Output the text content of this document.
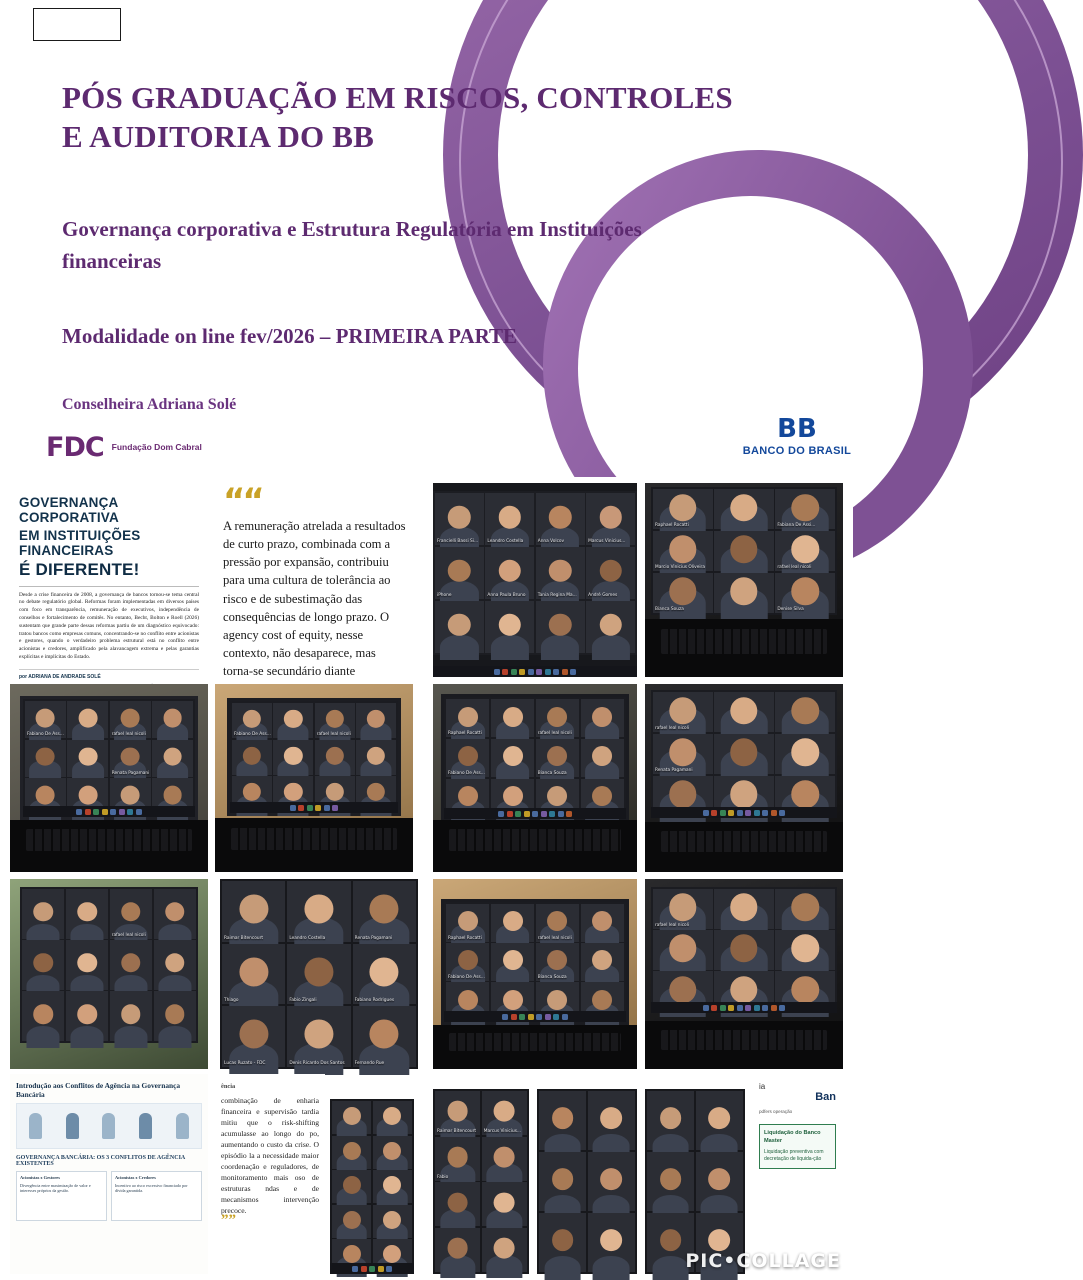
PÓS GRADUAÇÃO EM RISCOS, CONTROLES E AUDITORIA DO BB
Governança corporativa e Estrutura Regulatória em Instituições financeiras
Modalidade on line fev/2026 – PRIMEIRA PARTE
Conselheira Adriana Solé
FDC Fundação Dom Cabral
BB
BANCO DO BRASIL
GOVERNANÇA CORPORATIVA
EM INSTITUIÇÕES FINANCEIRAS
É DIFERENTE!

Desde a crise financeira de 2008, a governança de bancos tornou-se tema central no debate regulatório global. Reformas foram implementadas em diversos países com foco em transparência, remuneração de executivos, independência de conselhos e fortalecimento de comitês. No entanto, Becht, Bolton e Roell (2026) sustentam que grande parte dessas reformas partiu de um diagnóstico equivocado: tratou bancos como empresas comuns, concentrando-se no conflito entre acionistas e gestores, quando o verdadeiro problema estrutural está no conflito entre acionistas e credores, amplificado pela alavancagem extrema e pelas garantias explícitas e implícitas do Estado.

por ADRIANA DE ANDRADE SOLÉ
““
A remuneração atrelada a resultados de curto prazo, combinada com a pressão por expansão, contribuiu para uma cultura de tolerância ao risco e de subestimação das consequências de longo prazo. O agency cost of equity, nesse contexto, não desaparece, mas torna-se secundário diante
Francielli Bassi Si... Leandro Costella	Anna Volcov	Marcus Vinicius...
iPhone	Anna Paula Bruno	Tania Regina Ma...	André Gomes
Raphael Rocatti	Fabiana De Assi...
Marcio Vinicius Oliveira	rafael leal nicoli
Bianca Souza	Denise Silva
Fabiano De Ass...	rafael leal nicoli
Renata Pagamani
Fabiano De Ass...	rafael leal nicoli	Raphael Rocatti	rafael leal nicoli
Fabiano De Ass...	Bianca Souza
rafael leal nicoli
Renata Pagamani
rafael leal nicoli
Raimar Bitencourt	Leandro Costella	Renata Pagamani
Thiago	Fabio Zingali	Fabiano Rodrigues
Lucas Ruzato - FDC	Denis Ricardo Dos Santos Fernando Rue
Raphael Rocatti	rafael leal nicoli
Fabiano De Ass...	Bianca Souza
rafael leal nicoli
Introdução aos Conflitos de Agência na Governança Bancária
GOVERNANÇA BANCÁRIA: OS 3 CONFLITOS DE AGÊNCIA EXISTENTES
Acionistas x Gestores
Divergência entre maximização de valor e interesses próprios da gestão.
Acionistas x Credores
Incentivo ao risco excessivo financiado por dívida garantida.
ência
combinação de enharia financeira e supervisão tardia mitiu que o risk-shifting acumulasse ao longo do po, aumentando o custo da crise. O episódio la a necessidade maior coordenação e reguladores, de monitoramento mais oso de estruturas ndas e de mecanismos intervenção precoce.
””
Raimar Bitencourt Marcus Vinicius...
Fabio
ia
Ban
pdfers operação
Liquidação do Banco Master
Liquidação preventiva com decretação de liquida-ção
PIC•COLLAGE
